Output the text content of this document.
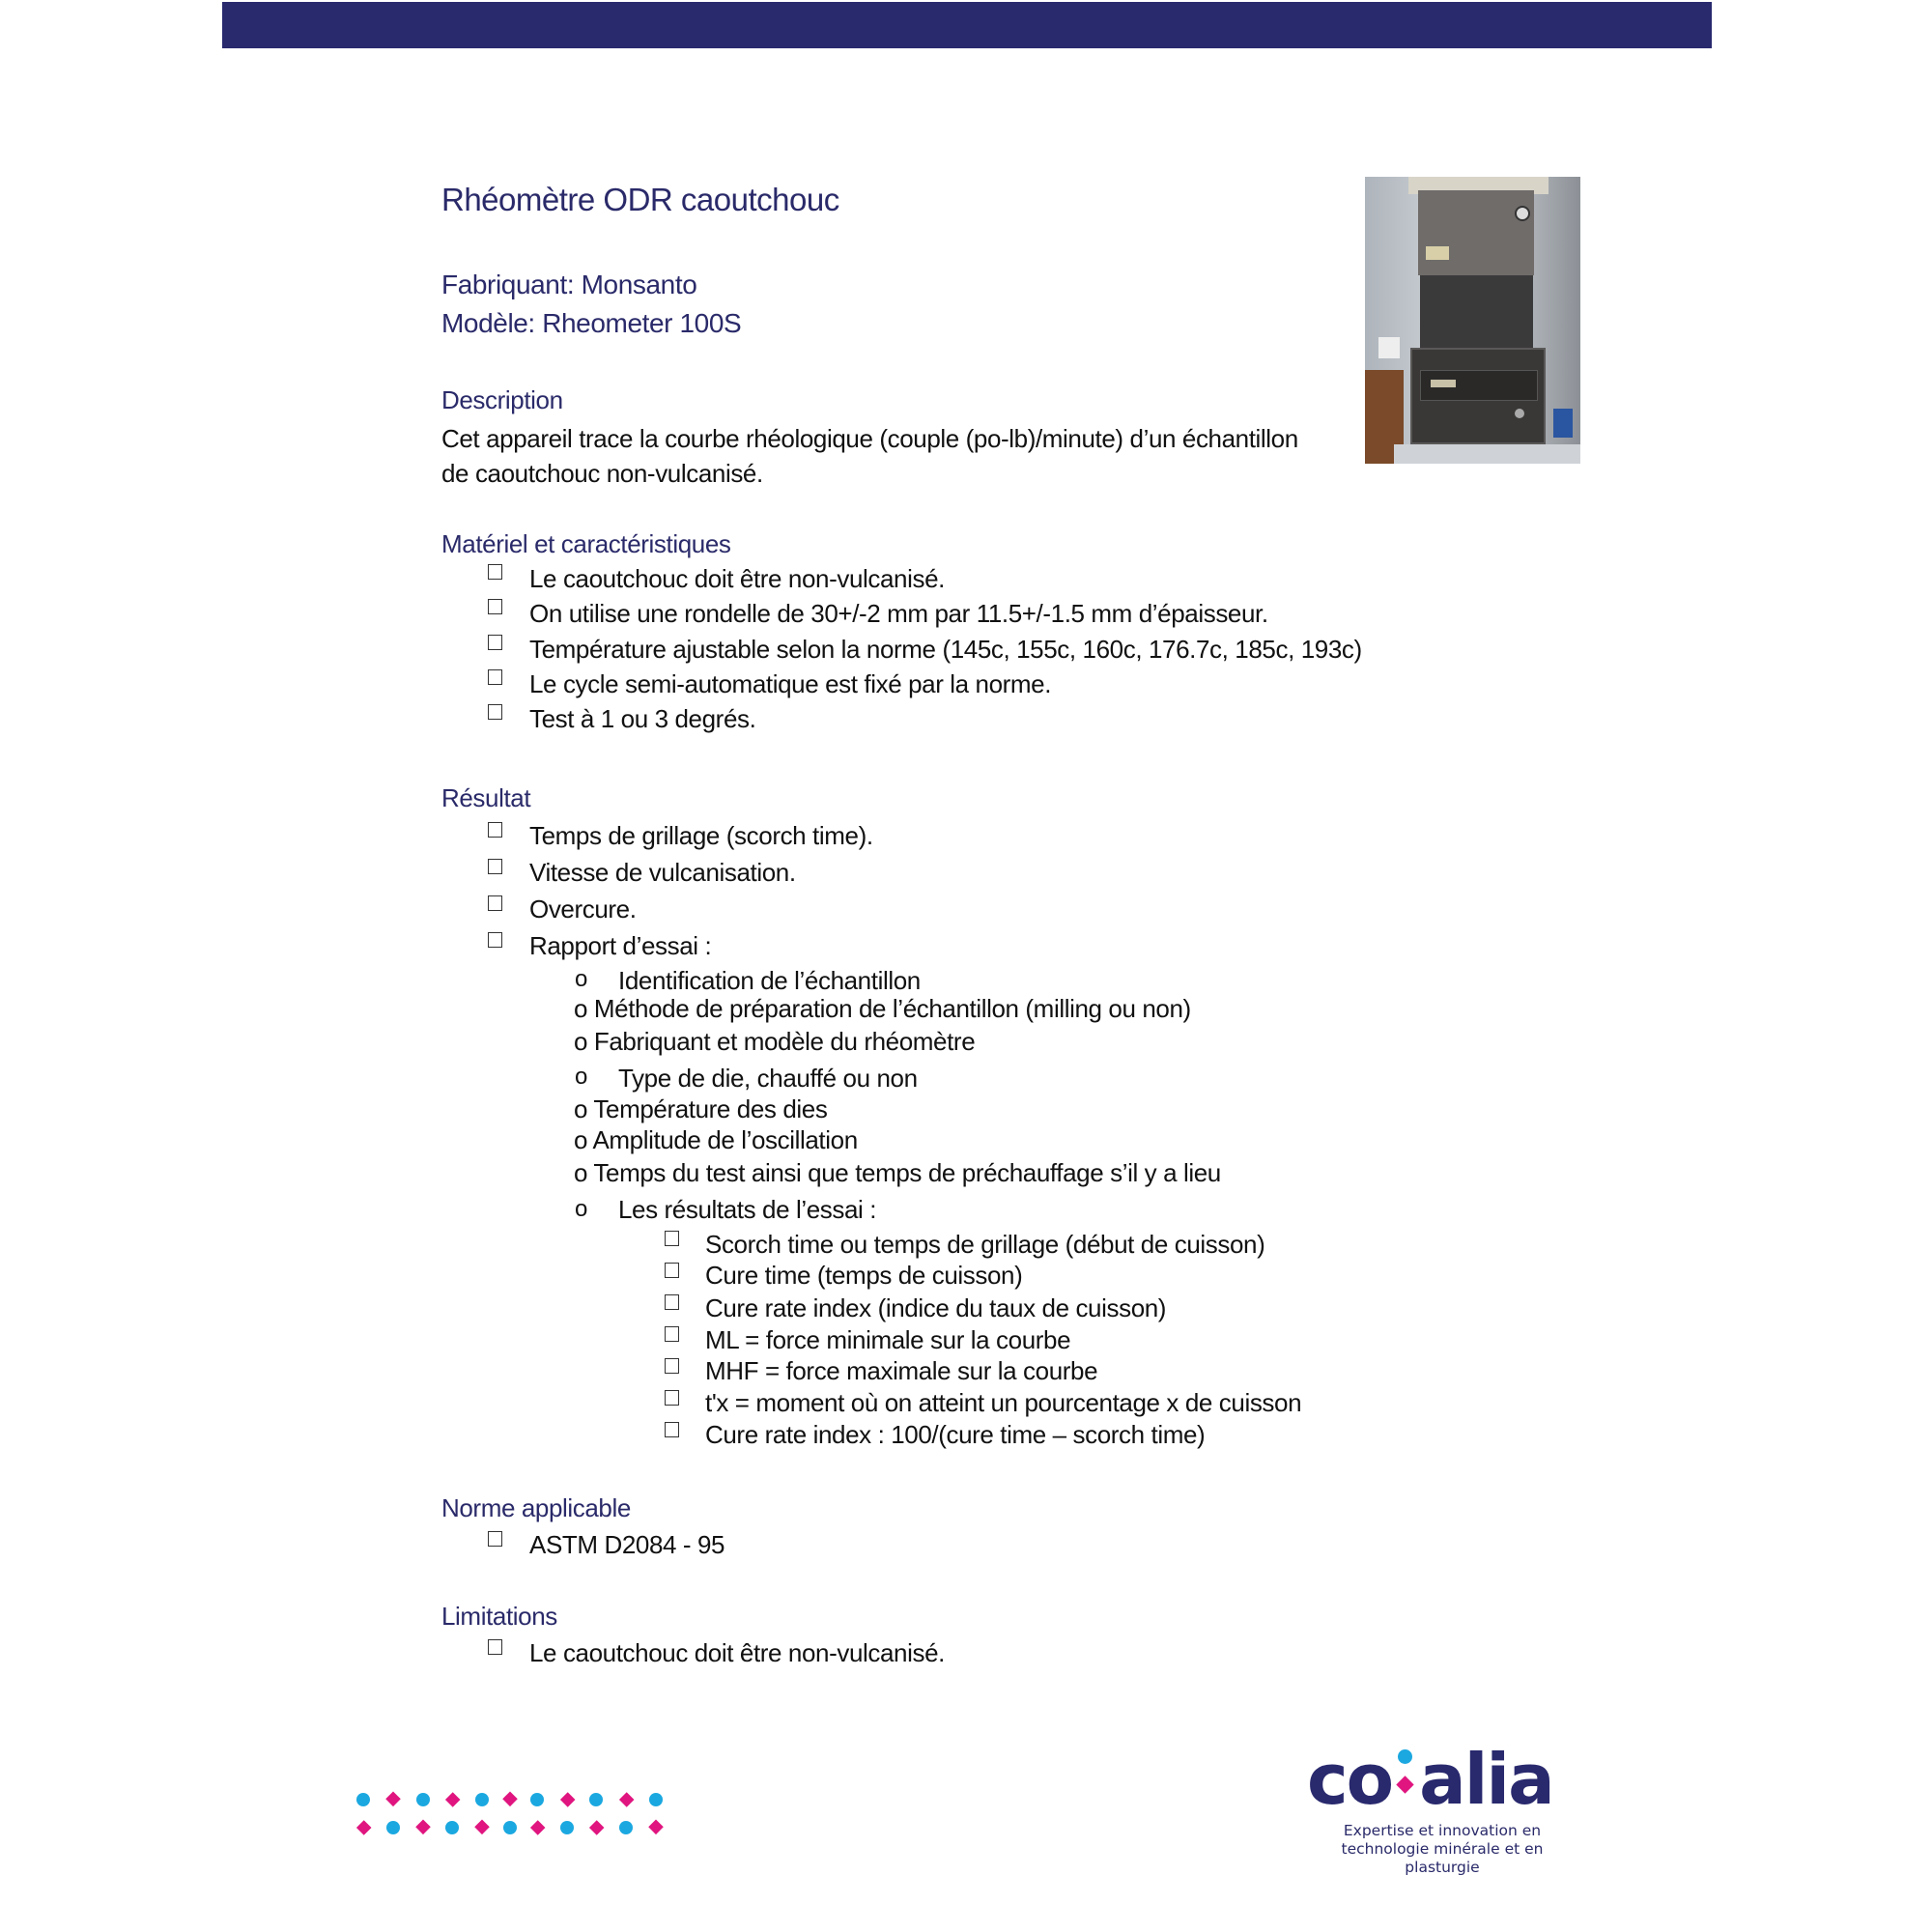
Rhéomètre ODR caoutchouc
Fabriquant: Monsanto
Modèle: Rheometer 100S
Description
Cet appareil trace la courbe rhéologique (couple (po-lb)/minute) d’un échantillon
de caoutchouc non-vulcanisé.
Matériel et caractéristiques
Le caoutchouc doit être non-vulcanisé.
On utilise une rondelle de 30+/-2 mm par 11.5+/-1.5 mm d’épaisseur.
Température ajustable selon la norme (145c, 155c, 160c, 176.7c, 185c, 193c)
Le cycle semi-automatique est fixé par la norme.
Test à 1 ou 3 degrés.
Résultat
Temps de grillage (scorch time).
Vitesse de vulcanisation.
Overcure.
Rapport d’essai :
o Identification de l’échantillon
o Méthode de préparation de l’échantillon (milling ou non)
o Fabriquant et modèle du rhéomètre
o Type de die, chauffé ou non
o Température des dies
o Amplitude de l’oscillation
o Temps du test ainsi que temps de préchauffage s’il y a lieu
o Les résultats de l’essai :
Scorch time ou temps de grillage (début de cuisson)
Cure time (temps de cuisson)
Cure rate index (indice du taux de cuisson)
ML = force minimale sur la courbe
MHF = force maximale sur la courbe
t'x = moment où on atteint un pourcentage x de cuisson
Cure rate index : 100/(cure time – scorch time)
Norme applicable
ASTM D2084 - 95
Limitations
Le caoutchouc doit être non-vulcanisé.
co alia
Expertise et innovation en
technologie minérale et en plasturgie
